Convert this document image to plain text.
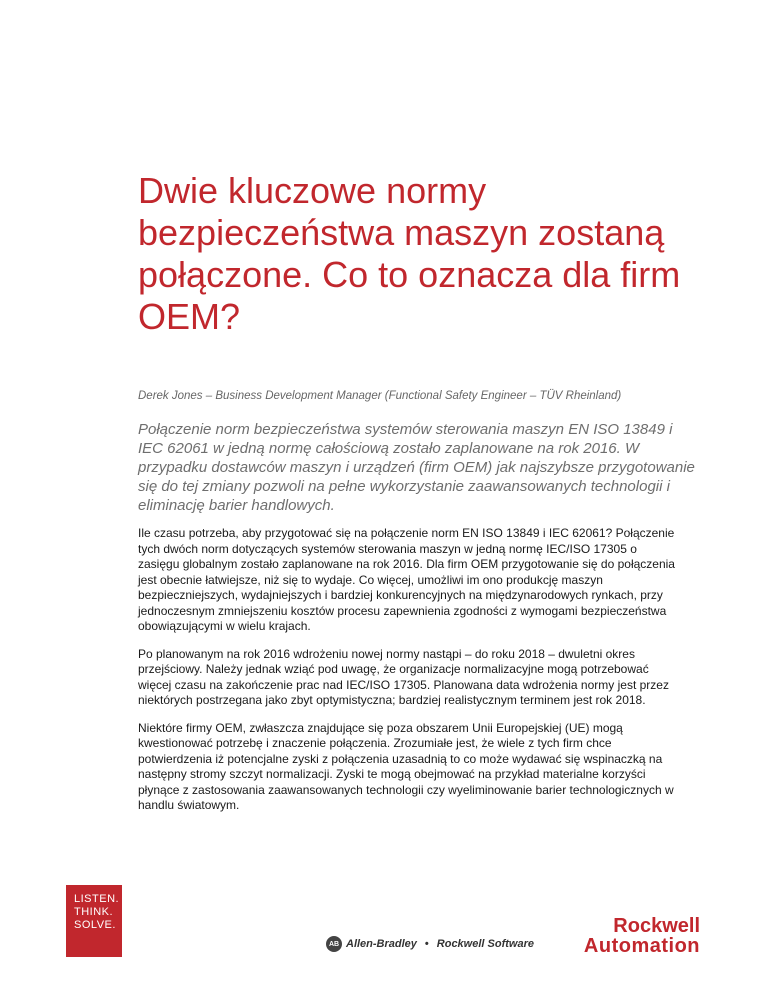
Dwie kluczowe normy bezpieczeństwa maszyn zostaną połączone. Co to oznacza dla firm OEM?

Derek Jones – Business Development Manager (Functional Safety Engineer – TÜV Rheinland)

Połączenie norm bezpieczeństwa systemów sterowania maszyn EN ISO 13849 i IEC 62061 w jedną normę całościową zostało zaplanowane na rok 2016. W przypadku dostawców maszyn i urządzeń (firm OEM) jak najszybsze przygotowanie się do tej zmiany pozwoli na pełne wykorzystanie zaawansowanych technologii i eliminację barier handlowych.

Ile czasu potrzeba, aby przygotować się na połączenie norm EN ISO 13849 i IEC 62061? Połączenie tych dwóch norm dotyczących systemów sterowania maszyn w jedną normę IEC/ISO 17305 o zasięgu globalnym zostało zaplanowane na rok 2016. Dla firm OEM przygotowanie się do połączenia jest obecnie łatwiejsze, niż się to wydaje. Co więcej, umożliwi im ono produkcję maszyn bezpieczniejszych, wydajniejszych i bardziej konkurencyjnych na międzynarodowych rynkach, przy jednoczesnym zmniejszeniu kosztów procesu zapewnienia zgodności z wymogami bezpieczeństwa obowiązującymi w wielu krajach.

Po planowanym na rok 2016 wdrożeniu nowej normy nastąpi – do roku 2018 – dwuletni okres przejściowy. Należy jednak wziąć pod uwagę, że organizacje normalizacyjne mogą potrzebować więcej czasu na zakończenie prac nad IEC/ISO 17305. Planowana data wdrożenia normy jest przez niektórych postrzegana jako zbyt optymistyczna; bardziej realistycznym terminem jest rok 2018.

Niektóre firmy OEM, zwłaszcza znajdujące się poza obszarem Unii Europejskiej (UE) mogą kwestionować potrzebę i znaczenie połączenia. Zrozumiałe jest, że wiele z tych firm chce potwierdzenia iż potencjalne zyski z połączenia uzasadnią to co może wydawać się wspinaczką na następny stromy szczyt normalizacji. Zyski te mogą obejmować na przykład materialne korzyści płynące z zastosowania zaawansowanych technologii czy wyeliminowanie barier technologicznych w handlu światowym.

LISTEN.
THINK.
SOLVE.
AB Allen-Bradley • Rockwell Software
Rockwell
Automation
